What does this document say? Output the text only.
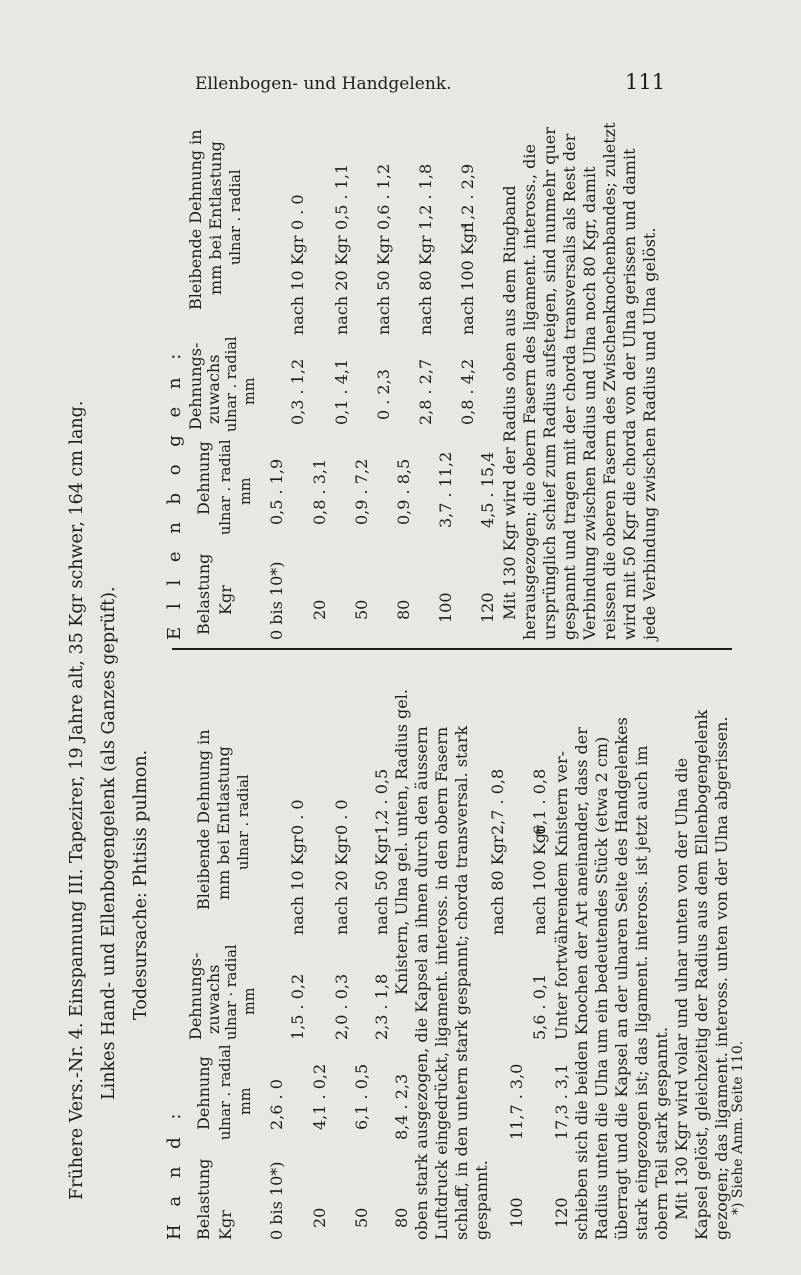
Ellenbogen- und Handgelenk.	111
Frühere Vers.-Nr. 4. Einspannung III. Tapezirer, 19 Jahre alt, 35 Kgr schwer, 164 cm lang. Linkes Hand- und Ellenbogengelenk (als Ganzes geprüft). Todesursache: Phtisis pulmon.
H a n d : Belastung Kgr
Dehnung ulnar . radial mm
Dehnungs- zuwachs ulnar · radial mm
Bleibende Dehnung in mm bei Entlastung ulnar . radial
0 bis 10*)
2,6 . 0
20
4,1 . 0,2
1,5 . 0,2
nach 10 Kgr
0 . 0
50
6,1 . 0,5
2,0 . 0,3
nach 20 Kgr
0 . 0
80
8,4 . 2,3
2,3 . 1,8
nach 50 Kgr
1,2 . 0,5 Knistern, Ulna gel. unten, Radius gel. oben stark ausgezogen, die Kapsel an ihnen durch den äussern Luftdruck eingedrückt, ligament. inteross. in den obern Fasern schlaff, in den untern stark gespannt; chorda transversal. stark gespannt. 100
11,7 . 3,0
nach 80 Kgr
2,7 . 0,8
120
17,3 . 3,1
5,6 . 0,1
nach 100 Kgr
6,1 . 0,8 Unter fortwährendem Knistern ver- schieben sich die beiden Knochen der Art aneinander, dass der Radius unten die Ulna um ein bedeutendes Stück (etwa 2 cm) überragt und die Kapsel an der ulnaren Seite des Handgelenkes stark eingezogen ist; das ligament. inteross. ist jetzt auch im obern Teil stark gespannt. Mit 130 Kgr wird volar und ulnar unten von der Ulna die Kapsel gelöst, gleichzeitig der Radius aus dem Ellenbogengelenk gezogen; das ligament. inteross. unten von der Ulna abgerissen. *) Siehe Anm. Seite 110.
E l l e n b o g e n : Belastung Kgr
Dehnung ulnar . radial mm
Dehnungs- zuwachs ulnar . radial mm
Bleibende Dehnung in mm bei Entlastung ulnar . radial
0 bis 10*)
0,5 . 1,9
20
0,8 . 3,1
0,3 . 1,2
nach 10 Kgr
0 . 0
50
0,9 . 7,2
0,1 . 4,1
nach 20 Kgr
0,5 . 1,1
80
0,9 . 8,5
0 . 2,3
nach 50 Kgr
0,6 . 1,2
100
3,7 . 11,2
2,8 . 2,7
nach 80 Kgr
1,2 . 1,8
120
4,5 . 15,4
0,8 . 4,2
nach 100 Kgr
1,2 . 2,9 Mit 130 Kgr wird der Radius oben aus dem Ringband herausgezogen; die obern Fasern des ligament. inteross., die ursprünglich schief zum Radius aufsteigen, sind nunmehr quer gespannt und tragen mit der chorda transversalis als Rest der Verbindung zwischen Radius und Ulna noch 80 Kgr, damit reissen die oberen Fasern des Zwischenknochenbandes; zuletzt wird mit 50 Kgr die chorda von der Ulna gerissen und damit jede Verbindung zwischen Radius und Ulna gelöst.
